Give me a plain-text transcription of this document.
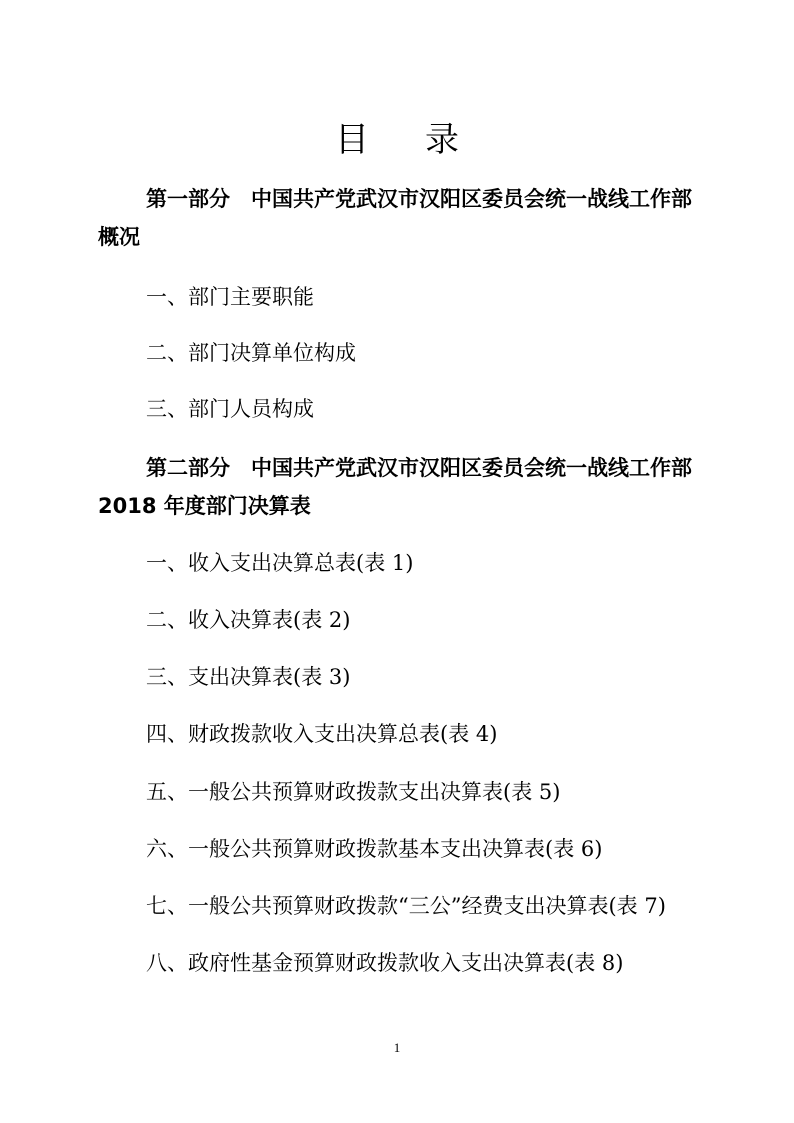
目录

第一部分　中国共产党武汉市汉阳区委员会统一战线工作部概况

一、部门主要职能
二、部门决算单位构成
三、部门人员构成

第二部分　中国共产党武汉市汉阳区委员会统一战线工作部 2018 年度部门决算表

一、收入支出决算总表(表 1)
二、收入决算表(表 2)
三、支出决算表(表 3)
四、财政拨款收入支出决算总表(表 4)
五、一般公共预算财政拨款支出决算表(表 5)
六、一般公共预算财政拨款基本支出决算表(表 6)
七、一般公共预算财政拨款“三公”经费支出决算表(表 7)
八、政府性基金预算财政拨款收入支出决算表(表 8)
1
